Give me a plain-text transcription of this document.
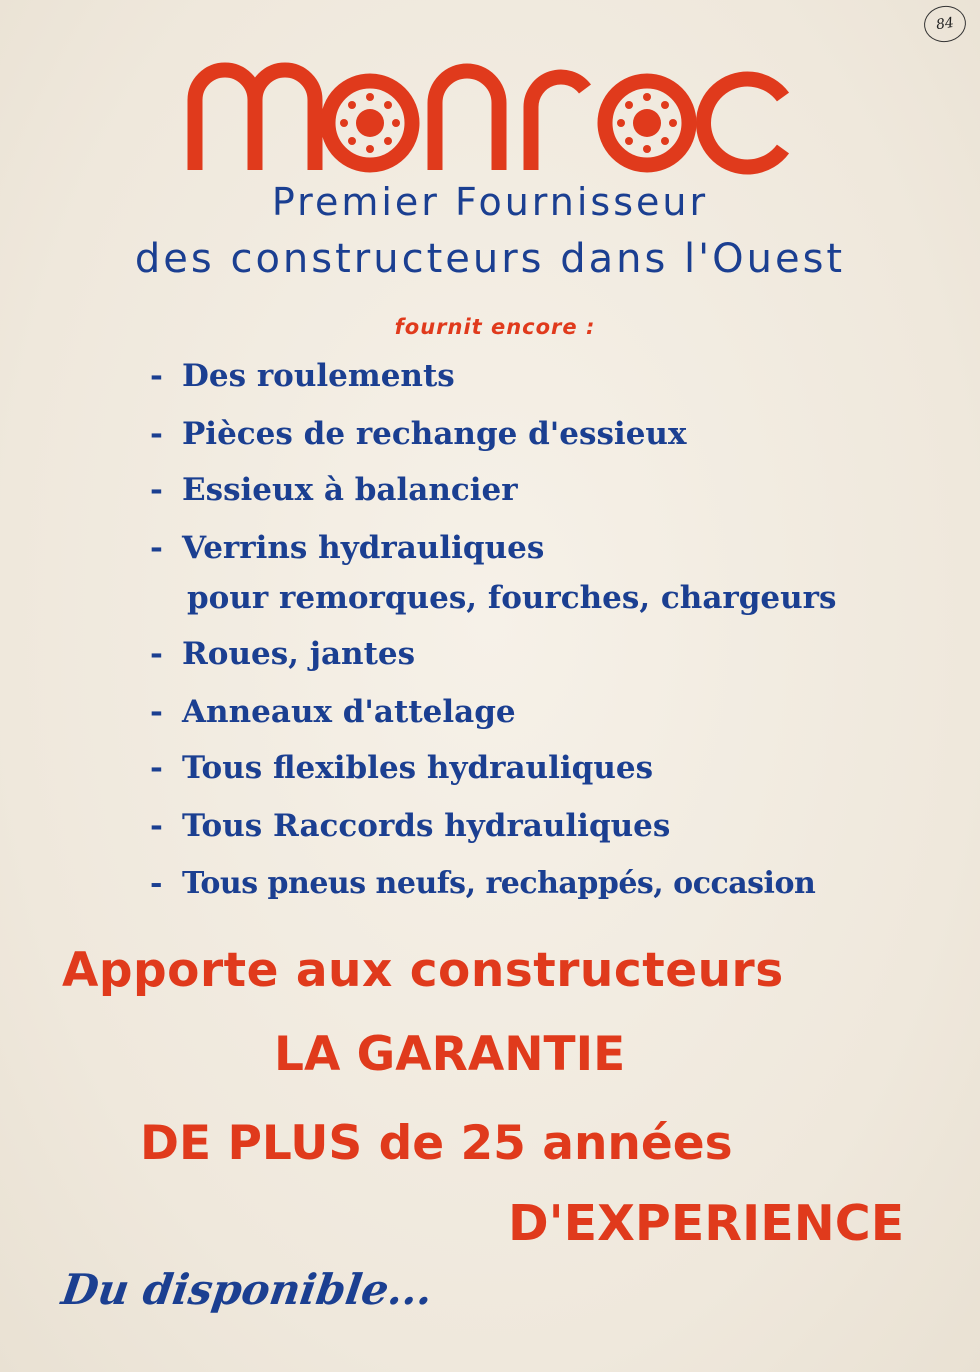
84
Premier Fournisseur
des constructeurs dans l'Ouest
fournit encore :
- Des roulements
- Pièces de rechange d'essieux
- Essieux à balancier
- Verrins hydrauliques
pour remorques, fourches, chargeurs
- Roues, jantes
- Anneaux d'attelage
- Tous flexibles hydrauliques
- Tous Raccords hydrauliques
- Tous pneus neufs, rechappés, occasion
Apporte aux constructeurs
LA GARANTIE
DE PLUS de 25 années
D'EXPERIENCE
Du disponible...
